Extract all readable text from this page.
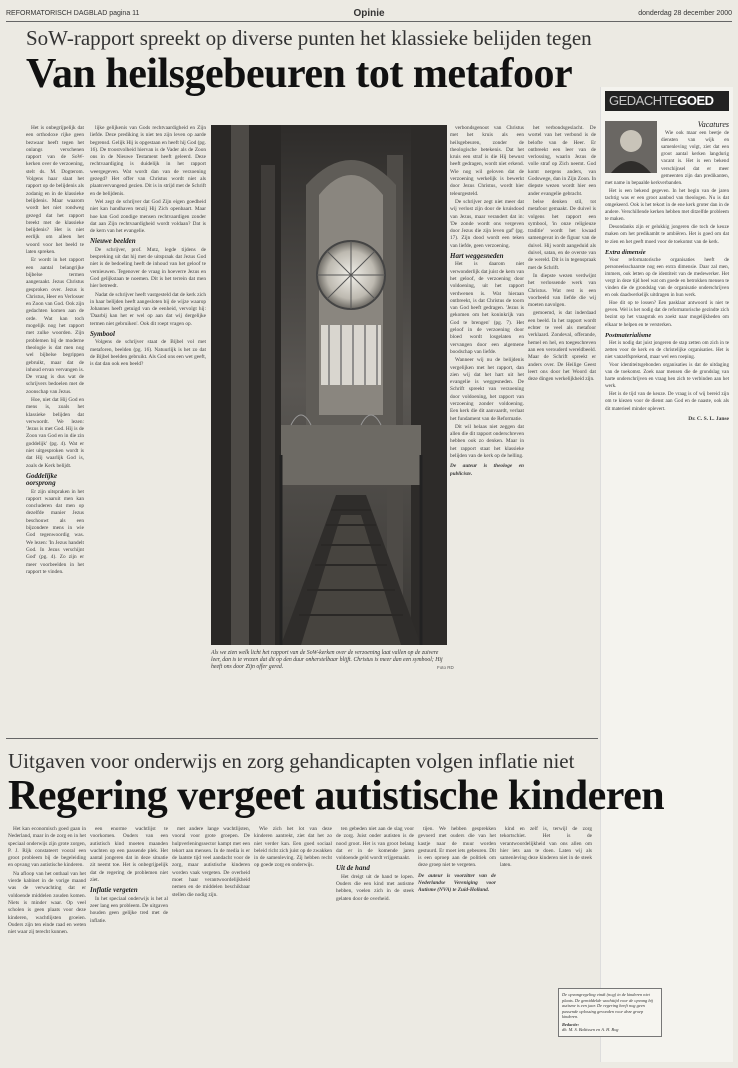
REFORMATORISCH DAGBLAD pagina 11	Opinie	donderdag 28 december 2000
SoW-rapport spreekt op diverse punten het klassieke belijden tegen
Van heilsgebeuren tot metafoor

Het is onbegrijpelijk dat een orthodoxe rijke geen bezwaar heeft tegen het onlangs verschenen rapport van de SoW-kerken over de verzoening, stelt ds. M. Dogterom. Volgens haar slaat het rapport op de belijdenis als zodanig en in de klassieke belijdenis. Maar waarom wordt het niet rondweg gezegd dat het rapport breekt met de klassieke belijdenis? Het is niet eerlijk om alleen het woord voor het beeld te laten spreken.

Er wordt in het rapport een aantal belangrijke bijbelse termen aangeraakt. Jezus Christus gesproken over. Jezus is Christus, Heer en Verlosser en Zoon van God. Ook zijn gedachten komen aan de orde. Wat kan toch mogelijk nog het rapport met zulke woorden. Zijn problemen bij de moderne theologie is dat men nog wel bijbelse begrippen gebruikt, maar dat de inhoud ervan vervangen is. De vraag is dus wat de schrijvers bedoelen met de zoonschap van Jezus.

Hoe, niet dat Hij God en mens is, zoals het klassieke belijden dat verwoordt. We lezen: 'Jezus is met God. Hij is de Zoon van God en in die zin goddelijk' (pg. 4). Wat er niet uitgesproken wordt is dat Hij waarlijk God is, zoals de Kerk belijdt.

Goddelijke oorsprong

Er zijn uitspraken in het rapport waaruit men kan concluderen dat men op dezelfde manier Jezus beschouwt als een bijzondere mens in wie God tegenwoordig was. We lezen: 'In Jezus handelt God. In Jezus verschijnt God' (pg. 4). Zo zijn er meer voorbeelden in het rapport te vinden.

lijke gelijkenis van Gods rechtvaardigheid en Zijn liefde. Deze prediking is niet ten zijn leven op aarde begrensd. Gelijk Hij is opgestaan en heeft hij God (pg. 16). De troostvolheid hiervan is de Vader als de Zoon ons in de Nieuwe Testament heeft geleerd. Deze rechtvaardiging is duidelijk in het rapport weergegeven. Wat wordt dan van de verzoening gezegd? Het offer van Christus wordt niet als plaatsvervangend gezien. Dit is in strijd met de Schrift en de belijdenis.

Wel zegt de schrijver dat God Zijn eigen goedheid niet kan handhaven tenzij Hij Zich openbaart. Maar hoe kan God zondige mensen rechtvaardigen zonder dat aan Zijn rechtvaardigheid wordt voldaan? Dat is de kern van het evangelie.

Nieuwe beelden

De schrijver, prof. Mutz, legde tijdens de bespreking uit dat hij met de uitspraak dat Jezus God niet is de bedoeling heeft de inhoud van het geloof te vernieuwen. Tegenover de vraag in hoeverre Jezus en God gelijkstaan te noemen. Dit is het terrein dat men hier betreedt.

Nadat de schrijver heeft vastgesteld dat de kerk zich in haar belijden heeft aangesloten bij de wijze waarop Johannes heeft getuigd van de eenheid, vervolgt hij: 'Daarbij kan het er wel op aan dat wij dergelijke termen niet gebruiken'. Ook dit roept vragen op.

Symbool

Volgens de schrijver staat de Bijbel vol met metaforen, beelden (pg. 16). Natuurlijk is het zo dat de Bijbel beelden gebruikt. Als God ons een wet geeft, is dat dan ook een beeld?

Als we zien welk licht het rapport van de SoW-kerken over de verzoening laat vallen op de zuivere leer, dan is te vrezen dat dit op den duur onherstelbaar blijft. Christus is meer dan een symbool; Hij heeft ons door Zijn offer gered.	Foto RD

verbondsgenoot van Christus met het kruis als een heilsgebeuren, zonder de theologische betekenis. Dat het kruis een straf is die Hij bewust heeft gedragen, wordt niet erkend. Wie nog wil geloven dat de verzoening werkelijk is bewerkt door Jezus Christus, wordt hier teleurgesteld.

De schrijver zegt niet meer dat wij verlost zijn door de kruisdood van Jezus, maar verandert dat in: 'De zonde wordt ons vergeven door Jezus die zijn leven gaf' (pg. 17). Zijn dood wordt een teken van liefde, geen verzoening.

Hart weggesneden

Het is daarom niet verwonderlijk dat juist de kern van het geloof, de verzoening door voldoening, uit het rapport verdwenen is. Wat hieraan ontbreekt, is dat Christus de toorn van God heeft gedragen. 'Jezus is gekomen om het koninkrijk van God te brengen' (pg. 7). Het geloof in de verzoening door bloed wordt losgelaten en vervangen door een algemene boodschap van liefde.

Wanneer wij nu de belijdenis vergelijken met het rapport, dan zien wij dat het hart uit het evangelie is weggesneden. De Schrift spreekt van verzoening door voldoening, het rapport van verzoening zonder voldoening. Een kerk die dit aanvaardt, verlaat het fundament van de Reformatie.

Dit wil helaas niet zeggen dat allen die dit rapport onderschreven hebben ook zo denken. Maar in het rapport staat het klassieke belijden van de kerk op de helling.

De auteur is theologe en publiciste.

het verbondsgeslacht. De wortel van het verbond is de belofte van de Heer. Er ontbreekt een leer van de verlossing, waarin Jezus de volle straf op Zich neemt. God komt nergens anders, van Godswege, dan in Zijn Zoon. In diepste wezen wordt hier een ander evangelie gebracht.

belse denken stil, tot metafoor gemaakt. De duivel is volgens het rapport een symbool, 'in onze religieuze traditie' wordt het kwaad samengevat in de figuur van de duivel. Hij wordt aangeduid als duivel, satan, en de overste van de wereld. Dit is in tegenspraak met de Schrift.

In diepste wezen verdwijnt het verlossende werk van Christus. Wat rest is een voorbeeld van liefde die wij moeten navolgen.

gemoemd, is dat inderdaad een beeld. In het rapport wordt echter te veel als metafoor verklaard. Zondeval, offerande, hemel en hel, en toegeschreven aan een verouderd wereldbeeld. Maar de Schrift spreekt er anders over. De Heilige Geest leert ons door het Woord dat deze dingen werkelijkheid zijn.

GEDACHTEGOED
Vacatures

Wie ook maar een beetje de diensten van wijk en samenleving volgt, ziet dat een groot aantal kerken langdurig vacant is. Het is een bekend verschijnsel dat er meer gemeenten zijn dan predikanten, met name in bepaalde kerkverbanden.

Het is een bekend gegeven. In het begin van de jaren tachtig was er een groot aanbod van theologen. Nu is dat omgekeerd. Ook is het tekort in de ene kerk groter dan in de andere. Verschillende kerken hebben met ditzelfde probleem te maken.

Desondanks zijn er gelukkig jongeren die toch de keuze maken om het predikambt te ambiëren. Het is goed om dat te zien en het geeft moed voor de toekomst van de kerk.

Extra dimensie

Voor reformatorische organisaties heeft de personeelsschaarste nog een extra dimensie. Daar zal men, immers, ook letten op de identiteit van de medewerker. Het vergt in deze tijd heel wat om goede en betrokken mensen te vinden die de grondslag van de organisatie onderschrijven en ook daadwerkelijk uitdragen in hun werk.

Hoe dit op te lossen? Een pasklaar antwoord is niet te geven. Wel is het nodig dat de reformatorische gezindte zich bezint op het vraagstuk en zoekt naar mogelijkheden om elkaar te helpen en te versterken.

Postmaterialisme

Het is nodig dat juist jongeren de stap zetten om zich in te zetten voor de kerk en de christelijke organisaties. Het is niet vanzelfsprekend, maar wel een roeping.

Voor identiteitsgebonden organisaties is dat de uitdaging van de toekomst. Zoek naar mensen die de grondslag van harte onderschrijven en vraag hen zich te verbinden aan het werk.

Het is de tijd van de keuze. De vraag is of wij bereid zijn om te kiezen voor de dienst aan God en de naaste, ook als dit materieel minder oplevert.

Dr. C. S. L. Janse
Uitgaven voor onderwijs en zorg gehandicapten volgen inflatie niet
Regering vergeet autistische kinderen

Het kan economisch goed gaan in Nederland, maar in de zorg en in het speciaal onderwijs zijn grote zorgen, P. J. Rijk constateert vooral een groot probleem bij de begeleiding en opvang van autistische kinderen.

Na afloop van het onthaal van het vierde kabinet in de vorige maand was de verwachting dat er voldoende middelen zouden komen. Niets is minder waar. Op veel scholen is geen plaats voor deze kinderen, wachtlijsten groeien. Ouders zijn ten einde raad en weten niet waar zij terecht kunnen.

een enorme wachtlijst te voorkomen. Ouders van een autistisch kind moeten maanden wachten op een passende plek. Het aantal jongeren dat in deze situatie zit neemt toe. Het is onbegrijpelijk dat de regering de problemen niet ziet.

Inflatie vergeten

In het speciaal onderwijs is het al zeer lang een probleem. De uitgaven houden geen gelijke tred met de inflatie.

met andere lange wachtlijsten, vooral voor grote groepen. De hulpverleningssector kampt met een tekort aan mensen. In de media is er de laatste tijd veel aandacht voor de zorg, maar autistische kinderen worden vaak vergeten. De overheid moet haar verantwoordelijkheid nemen en de middelen beschikbaar stellen die nodig zijn.

Wie zich het lot van deze kinderen aantrekt, ziet dat het zo niet verder kan. Een goed sociaal beleid richt zich juist op de zwakken in de samenleving. Zij hebben recht op goede zorg en onderwijs.

ten gebeden niet aan de slag voor de zorg. Juist onder autisten is de nood groot. Het is van groot belang dat er in de komende jaren voldoende geld wordt vrijgemaakt.

Uit de hand

Het dreigt uit de hand te lopen. Ouders die een kind met autisme hebben, voelen zich in de steek gelaten door de overheid.

tijen. We hebben gesprekken gevoerd met ouders die van het kastje naar de muur worden gestuurd. Er moet iets gebeuren. Dit is een oproep aan de politiek om deze groep niet te vergeten.

De auteur is voorzitter van de Nederlandse Vereniging voor Autisme (NVA) te Zuid-Holland.

kind en zelf is, terwijl de zorg tekortschiet. Het is de verantwoordelijkheid van ons allen om hier iets aan te doen. Laten wij als samenleving deze kinderen niet in de steek laten.

De opvangregeling vindt (nog) in de kinderen niet plaats. De gemiddelde wachttijd voor de opvang bij autisme is een jaar. De regering heeft nog geen passende oplossing gevonden voor deze groep kinderen.
Redactie:
dh. M. S. Baltissen en A. H. Bog
